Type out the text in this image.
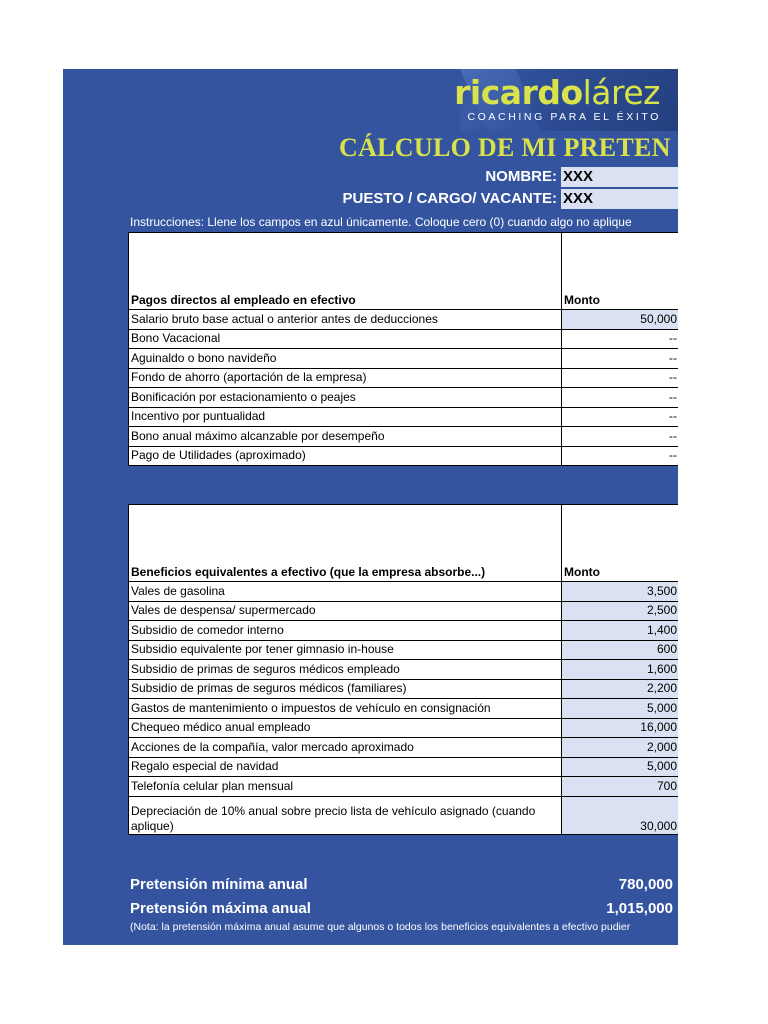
ricardolárez
COACHING PARA EL ÉXITO
CÁLCULO DE MI PRETEN
NOMBRE: XXX
PUESTO / CARGO/ VACANTE: XXX
Instrucciones: Llene los campos en azul únicamente. Coloque cero (0) cuando algo no aplique
Pagos directos al empleado en efectivo	Monto
Salario bruto base actual o anterior antes de deducciones	50,000
Bono Vacacional	--
Aguinaldo o bono navideño	--
Fondo de ahorro (aportación de la empresa)	--
Bonificación por estacionamiento o peajes	--
Incentivo por puntualidad	--
Bono anual máximo alcanzable por desempeño	--
Pago de Utilidades (aproximado)	--
Beneficios equivalentes a efectivo (que la empresa absorbe...)	Monto
Vales de gasolina	3,500
Vales de despensa/ supermercado	2,500
Subsidio de comedor interno	1,400
Subsidio equivalente por tener gimnasio in-house	600
Subsidio de primas de seguros médicos empleado	1,600
Subsidio de primas de seguros médicos (familiares)	2,200
Gastos de mantenimiento o impuestos de vehículo en consignación	5,000
Chequeo médico anual empleado	16,000
Acciones de la compañía, valor mercado aproximado	2,000
Regalo especial de navidad	5,000
Telefonía celular plan mensual	700
Depreciación de 10% anual sobre precio lista de vehículo asignado (cuando aplique)	30,000
Pretensión mínima anual	780,000
Pretensión máxima anual	1,015,000
(Nota: la pretensión máxima anual asume que algunos o todos los beneficios equivalentes a efectivo pudier
